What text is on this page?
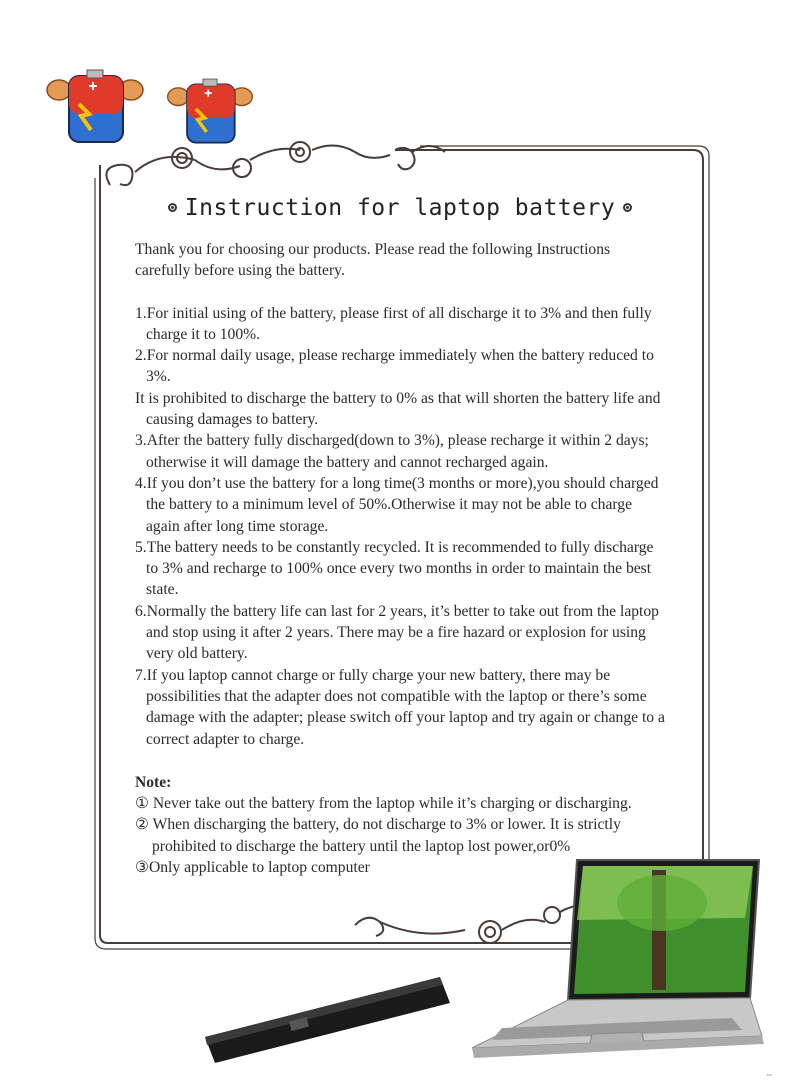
Instruction for laptop battery

Thank you for choosing our products. Please read the following Instructions carefully before using the battery.

1.For initial using of the battery, please first of all discharge it to 3% and then fully charge it to 100%.

2.For normal daily usage, please recharge immediately when the battery reduced to 3%.

It is prohibited to discharge the battery to 0% as that will shorten the battery life and causing damages to battery.

3.After the battery fully discharged(down to 3%), please recharge it within 2 days; otherwise it will damage the battery and cannot recharged again.

4.If you don’t use the battery for a long time(3 months or more),you should charged the battery to a minimum level of 50%.Otherwise it may not be able to charge again after long time storage.

5.The battery needs to be constantly recycled. It is recommended to fully discharge to 3% and recharge to 100% once every two months in order to maintain the best state.

6.Normally the battery life can last for 2 years, it’s better to take out from the laptop and stop using it after 2 years. There may be a fire hazard or explosion for using very old battery.

7.If you laptop cannot charge or fully charge your new battery, there may be possibilities that the adapter does not compatible with the laptop or there’s some damage with the adapter; please switch off your laptop and try again or change to a correct adapter to charge.

Note:

① Never take out the battery from the laptop while it’s charging or discharging.

② When discharging the battery, do not discharge to 3% or lower. It is strictly prohibited to discharge the battery until the laptop lost power,or0%

③Only applicable to laptop computer

ᴮᴵᴿ
